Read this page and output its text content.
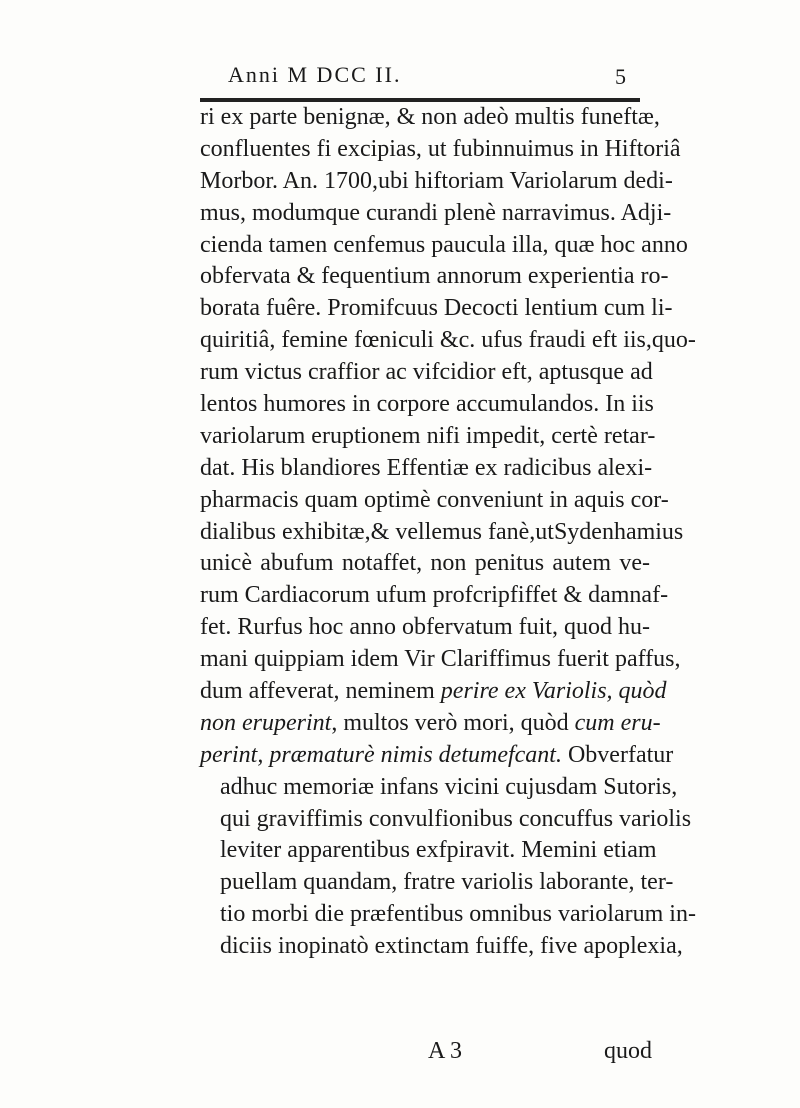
Anni M DCC II.	5
ri ex parte benignæ, & non adeò multis funeftæ,
confluentes fi excipias, ut fubinnuimus in Hiftoriâ
Morbor. An. 1700,ubi hiftoriam Variolarum dedi-
mus, modumque curandi plenè narravimus. Adji-
cienda tamen cenfemus paucula illa, quæ hoc anno
obfervata & fequentium annorum experientia ro-
borata fuêre. Promifcuus Decocti lentium cum li-
quiritiâ, femine fœniculi &c. ufus fraudi eft iis,quo-
rum victus craffior ac vifcidior eft, aptusque ad
lentos humores in corpore accumulandos. In iis
variolarum eruptionem nifi impedit, certè retar-
dat. His blandiores Effentiæ ex radicibus alexi-
pharmacis quam optimè conveniunt in aquis cor-
dialibus exhibitæ,& vellemus fanè,utSydenhamius
unicè abufum notaffet, non penitus autem ve-
rum Cardiacorum ufum profcripfiffet & damnaf-
fet. Rurfus hoc anno obfervatum fuit, quod hu-
mani quippiam idem Vir Clariffimus fuerit paffus,
dum affeverat, neminem perire ex Variolis, quòd
non eruperint, multos verò mori, quòd cum eru-
perint, præmaturè nimis detumefcant. Obverfatur
adhuc memoriæ infans vicini cujusdam Sutoris,
qui graviffimis convulfionibus concuffus variolis
leviter apparentibus exfpiravit. Memini etiam
puellam quandam, fratre variolis laborante, ter-
tio morbi die præfentibus omnibus variolarum in-
diciis inopinatò extinctam fuiffe, five apoplexia,
A 3	quod
